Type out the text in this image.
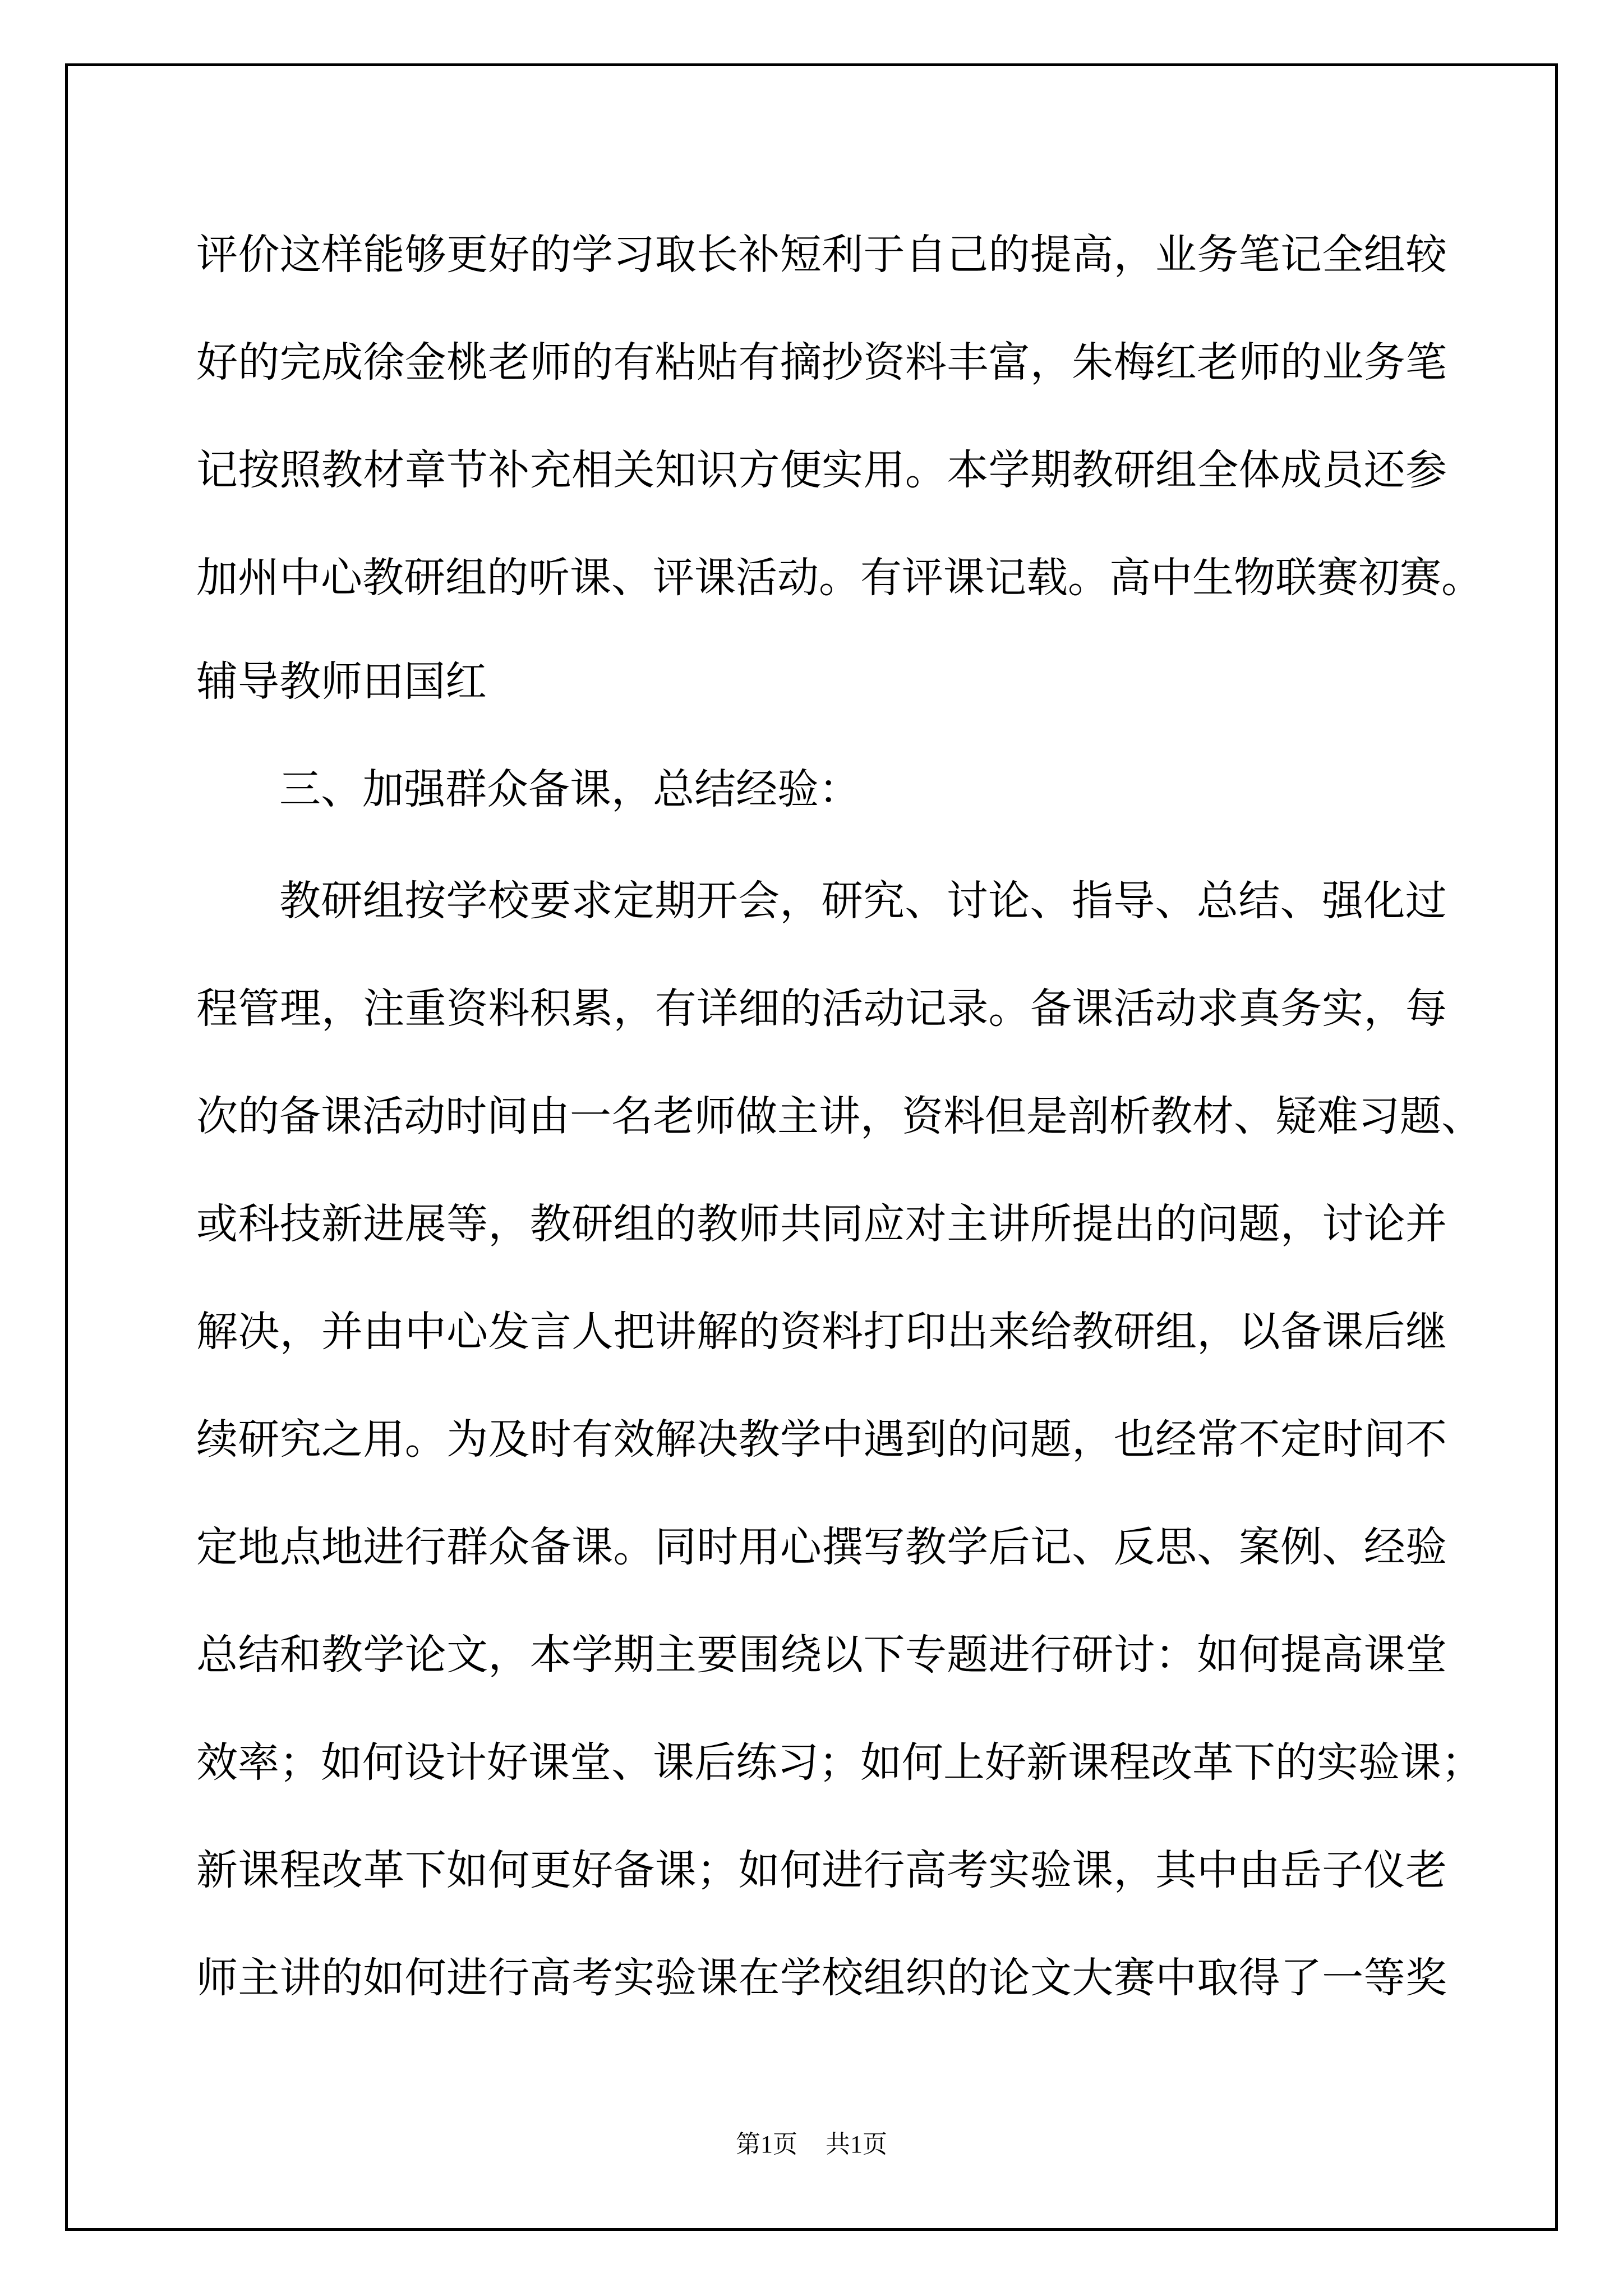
评 价 这 样 能 够 更 好 的 学 习 取 长 补 短 利 于 自 己 的 提 高 ， 业 务 笔 记 全 组 较
好 的 完 成 徐 金 桃 老 师 的 有 粘 贴 有 摘 抄 资 料 丰 富 ， 朱 梅 红 老 师 的 业 务 笔
记 按 照 教 材 章 节 补 充 相 关 知 识 方 便 实 用 。 本 学 期 教 研 组 全 体 成 员 还 参
加 州 中 心 教 研 组 的 听 课 、 评 课 活 动 。 有 评 课 记 载 。 高 中 生 物 联 赛 初 赛 。
辅导教师田国红
三、加强群众备课，总结经验：
教 研 组 按 学 校 要 求 定 期 开 会 ， 研 究 、 讨 论 、 指 导 、 总 结 、 强 化 过
程 管 理 ， 注 重 资 料 积 累 ， 有 详 细 的 活 动 记 录 。 备 课 活 动 求 真 务 实 ， 每
次 的 备 课 活 动 时 间 由 一 名 老 师 做 主 讲 ， 资 料 但 是 剖 析 教 材 、 疑 难 习 题 、
或 科 技 新 进 展 等 ， 教 研 组 的 教 师 共 同 应 对 主 讲 所 提 出 的 问 题 ， 讨 论 并
解 决 ， 并 由 中 心 发 言 人 把 讲 解 的 资 料 打 印 出 来 给 教 研 组 ， 以 备 课 后 继
续 研 究 之 用 。 为 及 时 有 效 解 决 教 学 中 遇 到 的 问 题 ， 也 经 常 不 定 时 间 不
定 地 点 地 进 行 群 众 备 课 。 同 时 用 心 撰 写 教 学 后 记 、 反 思 、 案 例 、 经 验
总 结 和 教 学 论 文 ， 本 学 期 主 要 围 绕 以 下 专 题 进 行 研 讨 ： 如 何 提 高 课 堂
效 率 ； 如 何 设 计 好 课 堂 、 课 后 练 习 ； 如 何 上 好 新 课 程 改 革 下 的 实 验 课 ；
新 课 程 改 革 下 如 何 更 好 备 课 ； 如 何 进 行 高 考 实 验 课 ， 其 中 由 岳 子 仪 老
师 主 讲 的 如 何 进 行 高 考 实 验 课 在 学 校 组 织 的 论 文 大 赛 中 取 得 了 一 等 奖
第1页 共1页
